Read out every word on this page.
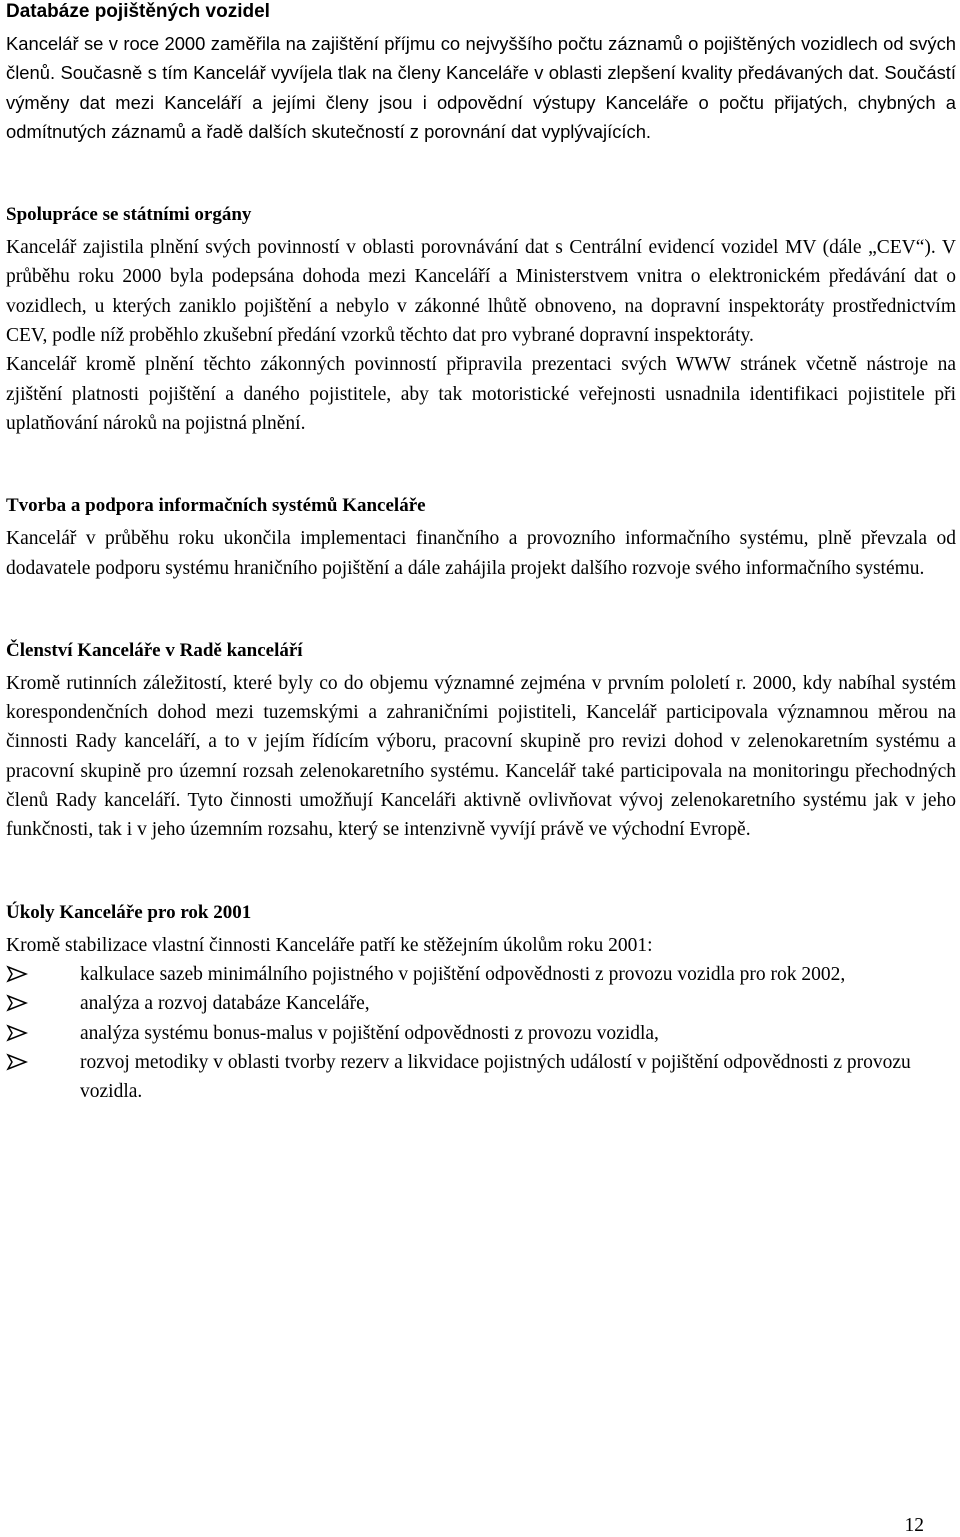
Databáze pojištěných vozidel

Kancelář se v roce 2000 zaměřila na zajištění příjmu co nejvyššího počtu záznamů o pojištěných vozidlech od svých členů. Současně s tím Kancelář vyvíjela tlak na členy Kanceláře v oblasti zlepšení kvality předávaných dat. Součástí výměny dat mezi Kanceláří a jejími členy jsou i odpovědní výstupy Kanceláře o počtu přijatých, chybných a odmítnutých záznamů a řadě dalších skutečností z porovnání dat vyplývajících.

Spolupráce se státními orgány

Kancelář zajistila plnění svých povinností v oblasti porovnávání dat s Centrální evidencí vozidel MV (dále „CEV“). V průběhu roku 2000 byla podepsána dohoda mezi Kanceláří a Ministerstvem vnitra o elektronickém předávání dat o vozidlech, u kterých zaniklo pojištění a nebylo v zákonné lhůtě obnoveno, na dopravní inspektoráty prostřednictvím CEV, podle níž proběhlo zkušební předání vzorků těchto dat pro vybrané dopravní inspektoráty.

Kancelář kromě plnění těchto zákonných povinností připravila prezentaci svých WWW stránek včetně nástroje na zjištění platnosti pojištění a daného pojistitele, aby tak motoristické veřejnosti usnadnila identifikaci pojistitele při uplatňování nároků na pojistná plnění.

Tvorba a podpora informačních systémů Kanceláře

Kancelář v průběhu roku ukončila implementaci finančního a provozního informačního systému, plně převzala od dodavatele podporu systému hraničního pojištění a dále zahájila projekt dalšího rozvoje svého informačního systému.

Členství Kanceláře v Radě kanceláří

Kromě rutinních záležitostí, které byly co do objemu významné zejména v prvním pololetí r. 2000, kdy nabíhal systém korespondenčních dohod mezi tuzemskými a zahraničními pojistiteli, Kancelář participovala významnou měrou na činnosti Rady kanceláří, a to v jejím řídícím výboru, pracovní skupině pro revizi dohod v zelenokaretním systému a pracovní skupině pro územní rozsah zelenokaretního systému. Kancelář také participovala na monitoringu přechodných členů Rady kanceláří. Tyto činnosti umožňují Kanceláři aktivně ovlivňovat vývoj zelenokaretního systému jak v jeho funkčnosti, tak i v jeho územním rozsahu, který se intenzivně vyvíjí právě ve východní Evropě.

Úkoly Kanceláře pro rok 2001

Kromě stabilizace vlastní činnosti Kanceláře patří ke stěžejním úkolům roku 2001:

kalkulace sazeb minimálního pojistného v pojištění odpovědnosti z provozu vozidla pro rok 2002,
analýza a rozvoj databáze Kanceláře,
analýza systému bonus-malus v pojištění odpovědnosti z provozu vozidla,
rozvoj metodiky v oblasti tvorby rezerv a likvidace pojistných událostí v pojištění odpovědnosti z provozu vozidla.
12
